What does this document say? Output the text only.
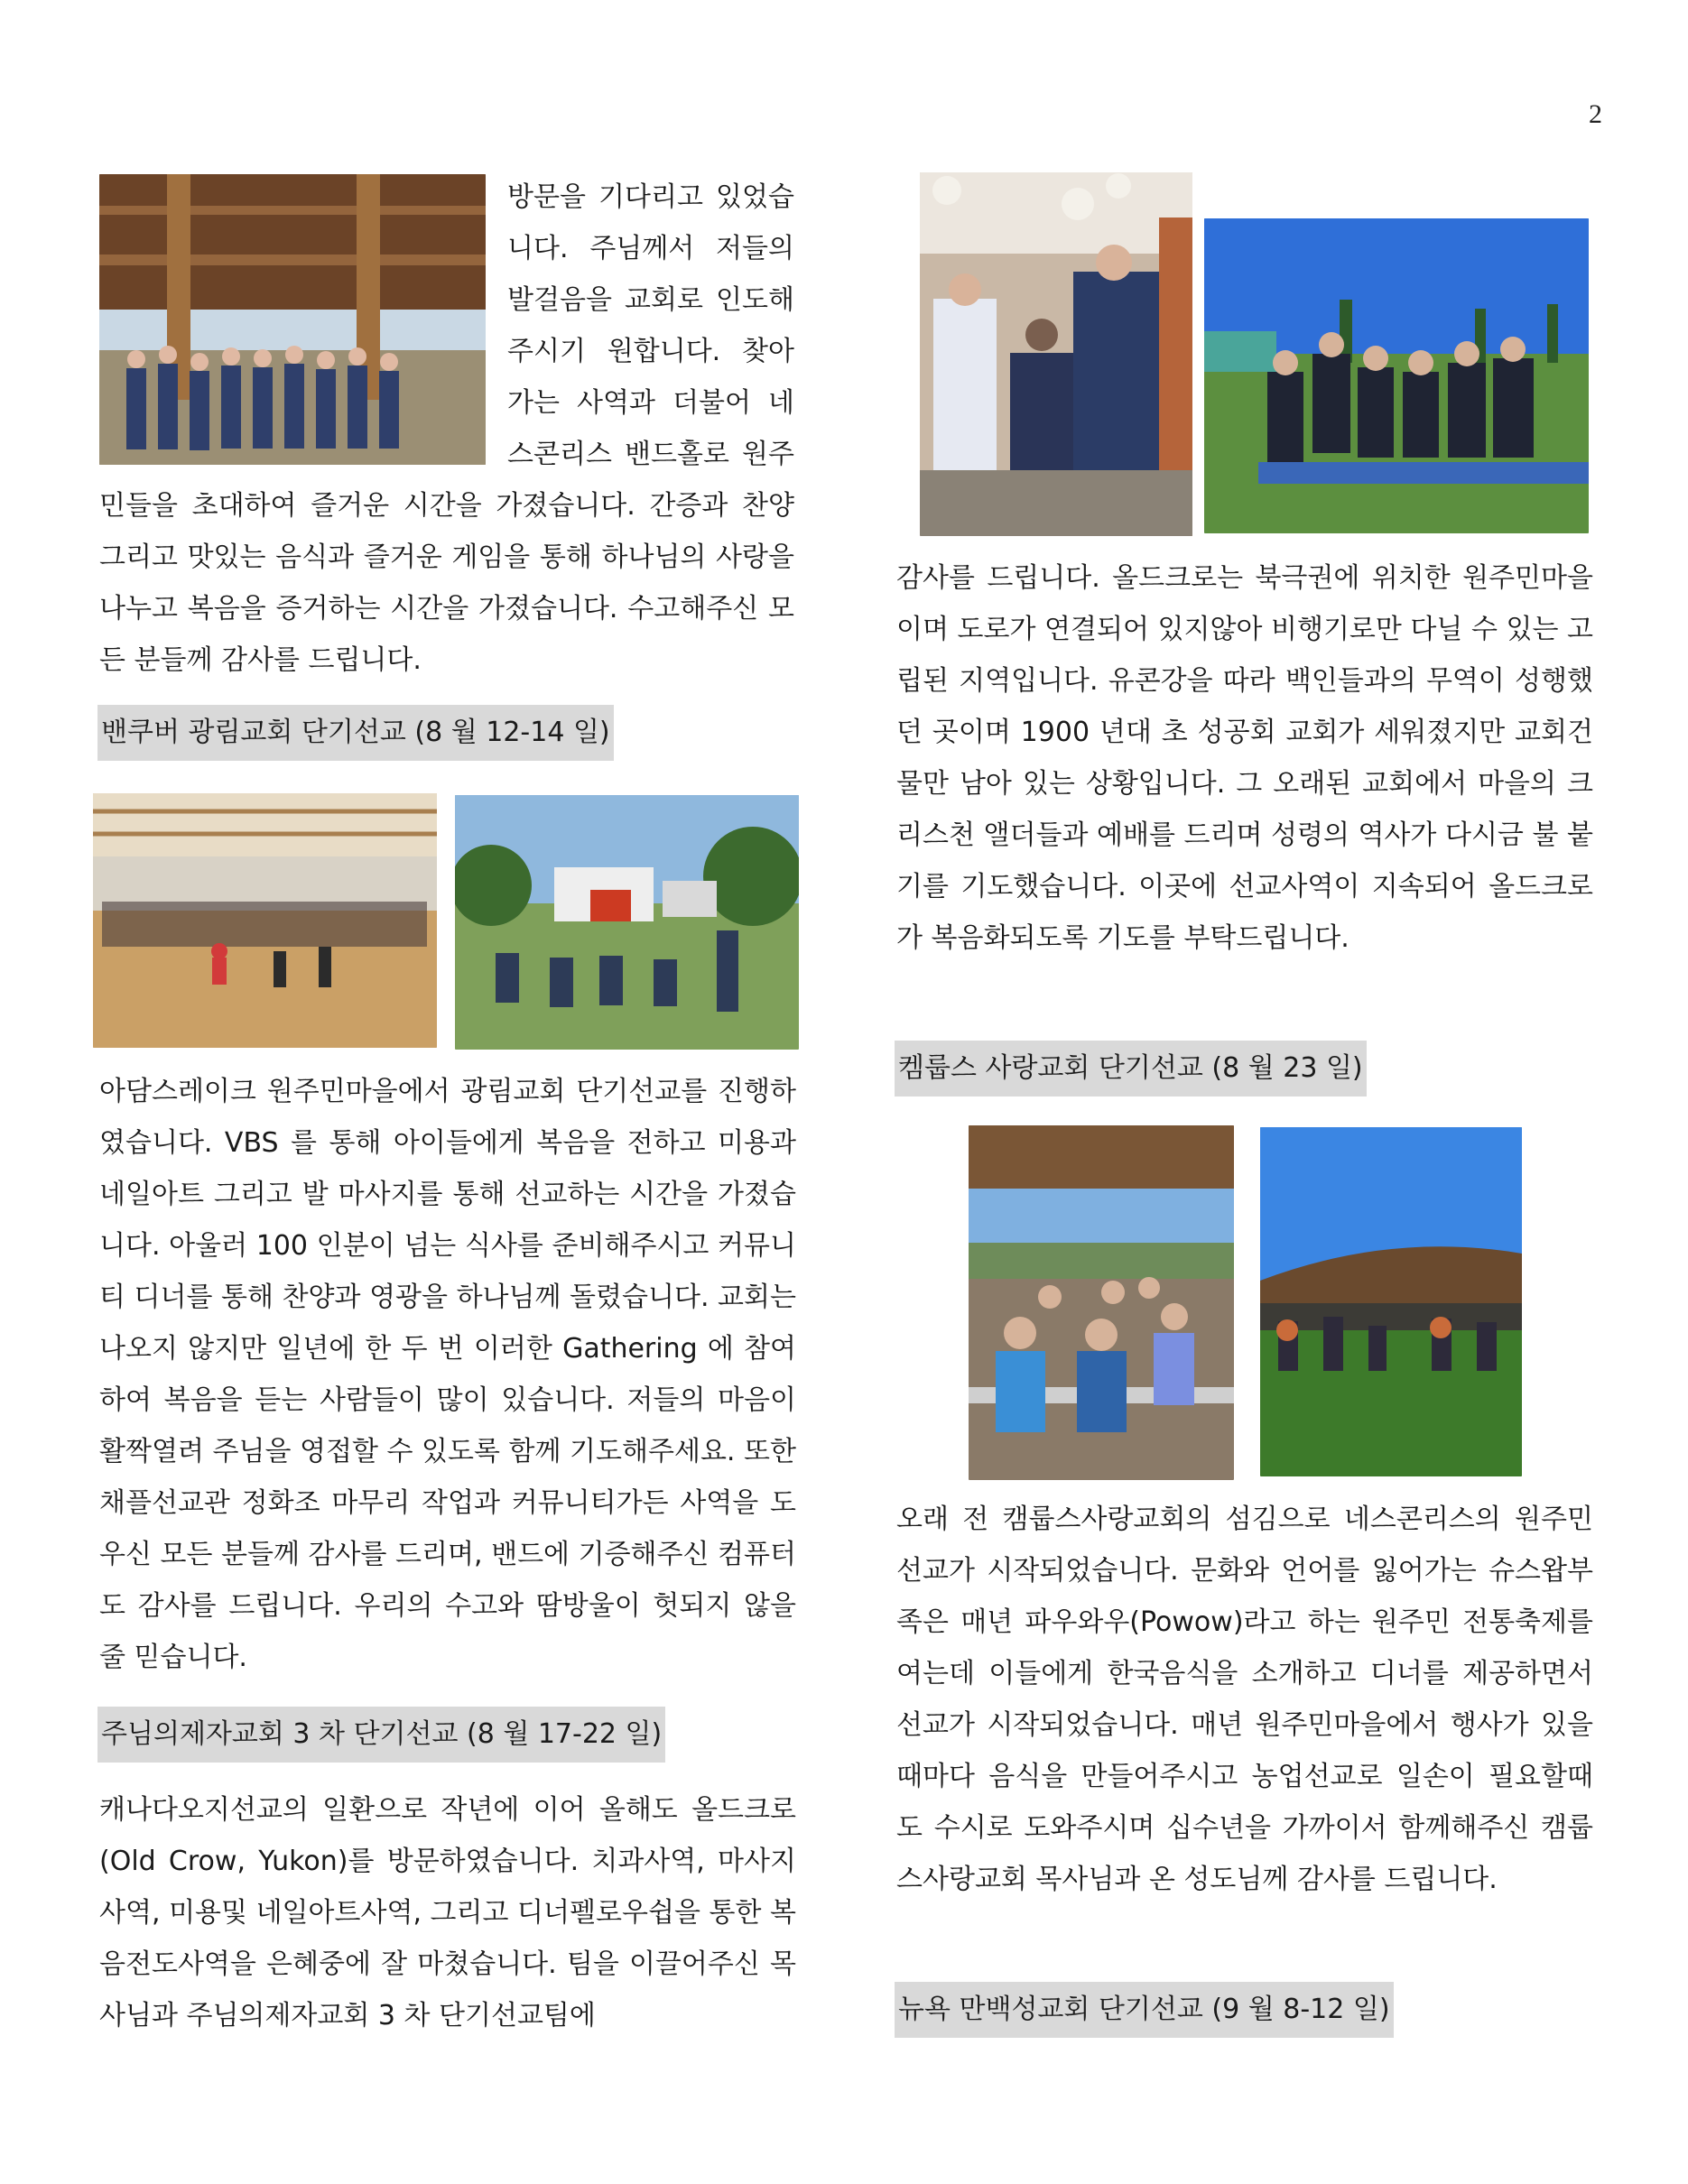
2

방문을 기다리고 있었습니다. 주님께서 저들의 발걸음을 교회로 인도해주시기 원합니다. 찾아가는 사역과 더불어 네스콘리스 밴드홀로 원주민들을 초대하여 즐거운 시간을 가졌습니다. 간증과 찬양 그리고 맛있는 음식과 즐거운 게임을 통해 하나님의 사랑을 나누고 복음을 증거하는 시간을 가졌습니다. 수고해주신 모든 분들께 감사를 드립니다.

밴쿠버 광림교회 단기선교 (8 월 12-14 일)

아담스레이크 원주민마을에서 광림교회 단기선교를 진행하였습니다. VBS 를 통해 아이들에게 복음을 전하고 미용과 네일아트 그리고 발 마사지를 통해 선교하는 시간을 가졌습니다. 아울러 100 인분이 넘는 식사를 준비해주시고 커뮤니티 디너를 통해 찬양과 영광을 하나님께 돌렸습니다. 교회는 나오지 않지만 일년에 한 두 번 이러한 Gathering 에 참여하여 복음을 듣는 사람들이 많이 있습니다. 저들의 마음이 활짝열려 주님을 영접할 수 있도록 함께 기도해주세요. 또한 채플선교관 정화조 마무리 작업과 커뮤니티가든 사역을 도우신 모든 분들께 감사를 드리며, 밴드에 기증해주신 컴퓨터도 감사를 드립니다. 우리의 수고와 땀방울이 헛되지 않을 줄 믿습니다.

주님의제자교회 3 차 단기선교 (8 월 17-22 일)

캐나다오지선교의 일환으로 작년에 이어 올해도 올드크로(Old Crow, Yukon)를 방문하였습니다. 치과사역, 마사지사역, 미용및 네일아트사역, 그리고 디너펠로우쉽을 통한 복음전도사역을 은혜중에 잘 마쳤습니다. 팀을 이끌어주신 목사님과 주님의제자교회 3 차 단기선교팀에

감사를 드립니다. 올드크로는 북극권에 위치한 원주민마을이며 도로가 연결되어 있지않아 비행기로만 다닐 수 있는 고립된 지역입니다. 유콘강을 따라 백인들과의 무역이 성행했던 곳이며 1900 년대 초 성공회 교회가 세워졌지만 교회건물만 남아 있는 상황입니다. 그 오래된 교회에서 마을의 크리스천 앨더들과 예배를 드리며 성령의 역사가 다시금 불 붙기를 기도했습니다. 이곳에 선교사역이 지속되어 올드크로가 복음화되도록 기도를 부탁드립니다.

켐룹스 사랑교회 단기선교 (8 월 23 일)

오래 전 캠룹스사랑교회의 섬김으로 네스콘리스의 원주민선교가 시작되었습니다. 문화와 언어를 잃어가는 슈스왑부족은 매년 파우와우(Powow)라고 하는 원주민 전통축제를 여는데 이들에게 한국음식을 소개하고 디너를 제공하면서 선교가 시작되었습니다. 매년 원주민마을에서 행사가 있을 때마다 음식을 만들어주시고 농업선교로 일손이 필요할때도 수시로 도와주시며 십수년을 가까이서 함께해주신 캠룹스사랑교회 목사님과 온 성도님께 감사를 드립니다.

뉴욕 만백성교회 단기선교 (9 월 8-12 일)
